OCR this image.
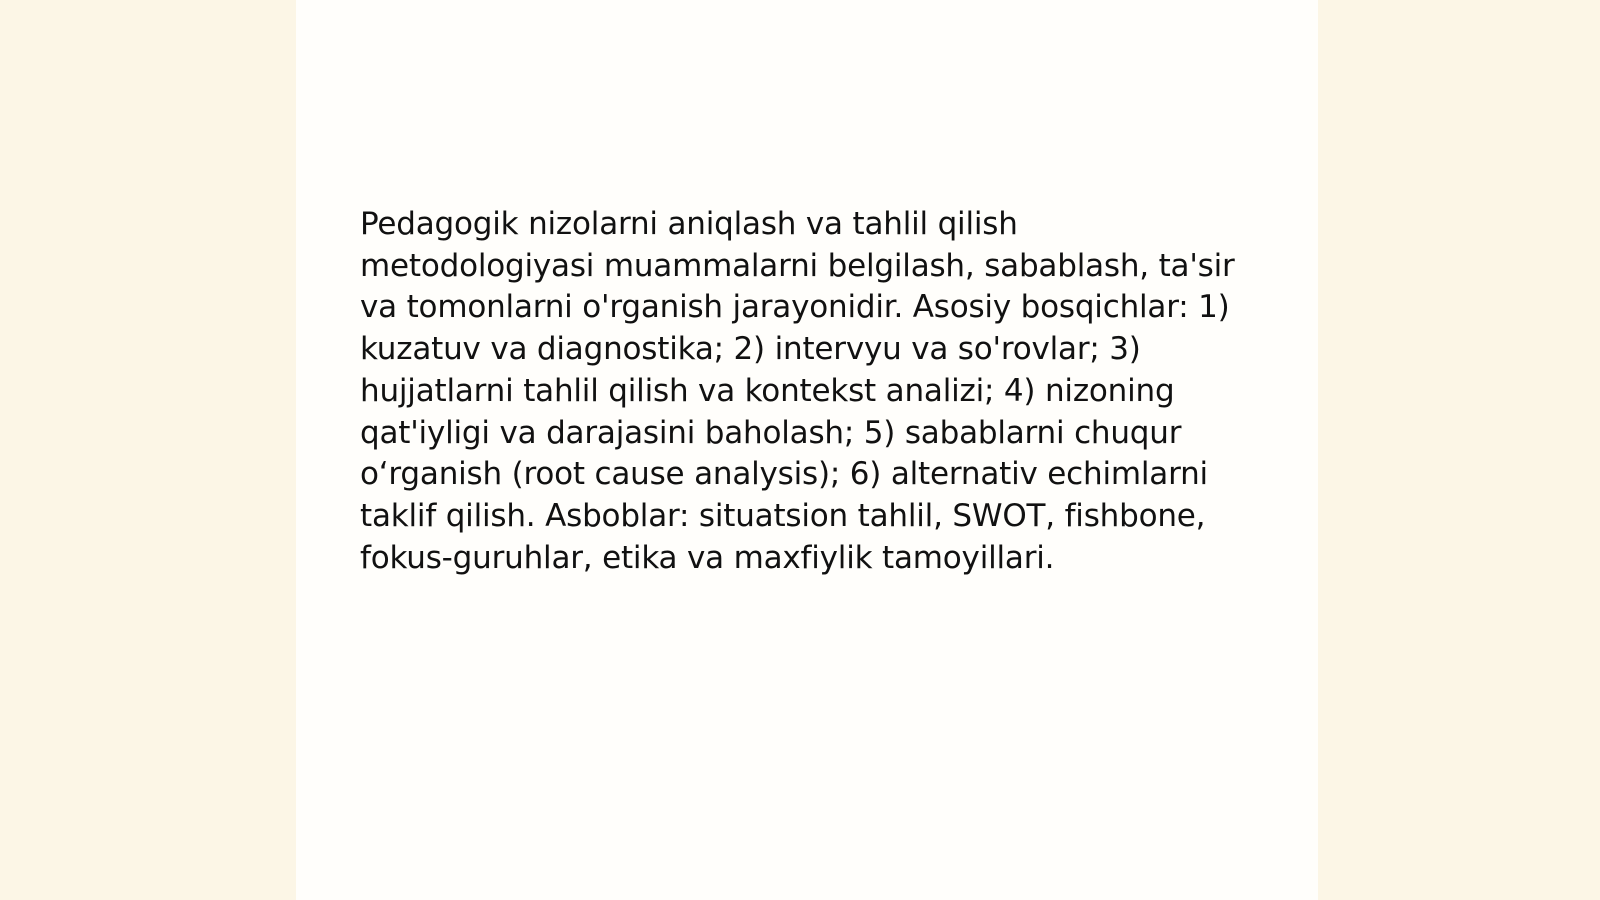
Pedagogik nizolarni aniqlash va tahlil qilish metodologiyasi muammalarni belgilash, sabablash, ta'sir va tomonlarni o'rganish jarayonidir. Asosiy bosqichlar: 1) kuzatuv va diagnostika; 2) intervyu va so'rovlar; 3) hujjatlarni tahlil qilish va kontekst analizi; 4) nizoning qat'iyligi va darajasini baholash; 5) sabablarni chuqur o‘rganish (root cause analysis); 6) alternativ echimlarni taklif qilish. Asboblar: situatsion tahlil, SWOT, fishbone, fokus-guruhlar, etika va maxfiylik tamoyillari.
